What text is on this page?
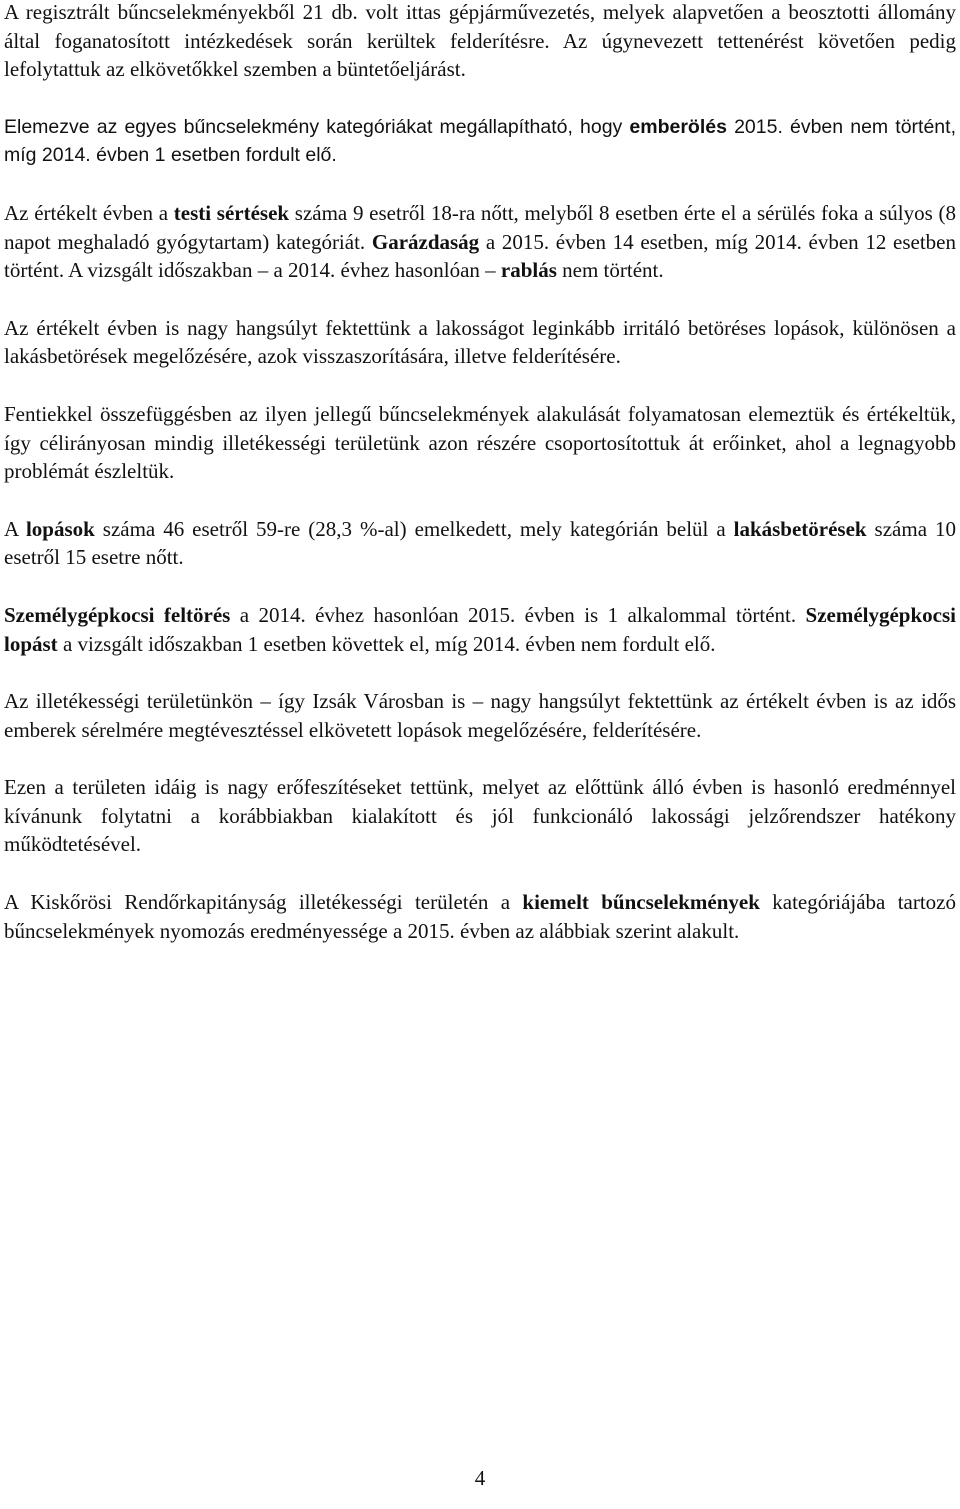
A regisztrált bűncselekményekből 21 db. volt ittas gépjárművezetés, melyek alapvetően a beosztotti állomány által foganatosított intézkedések során kerültek felderítésre. Az úgynevezett tettenérést követően pedig lefolytattuk az elkövetőkkel szemben a büntetőeljárást.

Elemezve az egyes bűncselekmény kategóriákat megállapítható, hogy emberölés 2015. évben nem történt, míg 2014. évben 1 esetben fordult elő.

Az értékelt évben a testi sértések száma 9 esetről 18-ra nőtt, melyből 8 esetben érte el a sérülés foka a súlyos (8 napot meghaladó gyógytartam) kategóriát. Garázdaság a 2015. évben 14 esetben, míg 2014. évben 12 esetben történt. A vizsgált időszakban – a 2014. évhez hasonlóan – rablás nem történt.

Az értékelt évben is nagy hangsúlyt fektettünk a lakosságot leginkább irritáló betöréses lopások, különösen a lakásbetörések megelőzésére, azok visszaszorítására, illetve felderítésére.

Fentiekkel összefüggésben az ilyen jellegű bűncselekmények alakulását folyamatosan elemeztük és értékeltük, így célirányosan mindig illetékességi területünk azon részére csoportosítottuk át erőinket, ahol a legnagyobb problémát észleltük.

A lopások száma 46 esetről 59-re (28,3 %-al) emelkedett, mely kategórián belül a lakásbetörések száma 10 esetről 15 esetre nőtt.

Személygépkocsi feltörés a 2014. évhez hasonlóan 2015. évben is 1 alkalommal történt. Személygépkocsi lopást a vizsgált időszakban 1 esetben követtek el, míg 2014. évben nem fordult elő.

Az illetékességi területünkön – így Izsák Városban is – nagy hangsúlyt fektettünk az értékelt évben is az idős emberek sérelmére megtévesztéssel elkövetett lopások megelőzésére, felderítésére.

Ezen a területen idáig is nagy erőfeszítéseket tettünk, melyet az előttünk álló évben is hasonló eredménnyel kívánunk folytatni a korábbiakban kialakított és jól funkcionáló lakossági jelzőrendszer hatékony működtetésével.

A Kiskőrösi Rendőrkapitányság illetékességi területén a kiemelt bűncselekmények kategóriájába tartozó bűncselekmények nyomozás eredményessége a 2015. évben az alábbiak szerint alakult.

4
